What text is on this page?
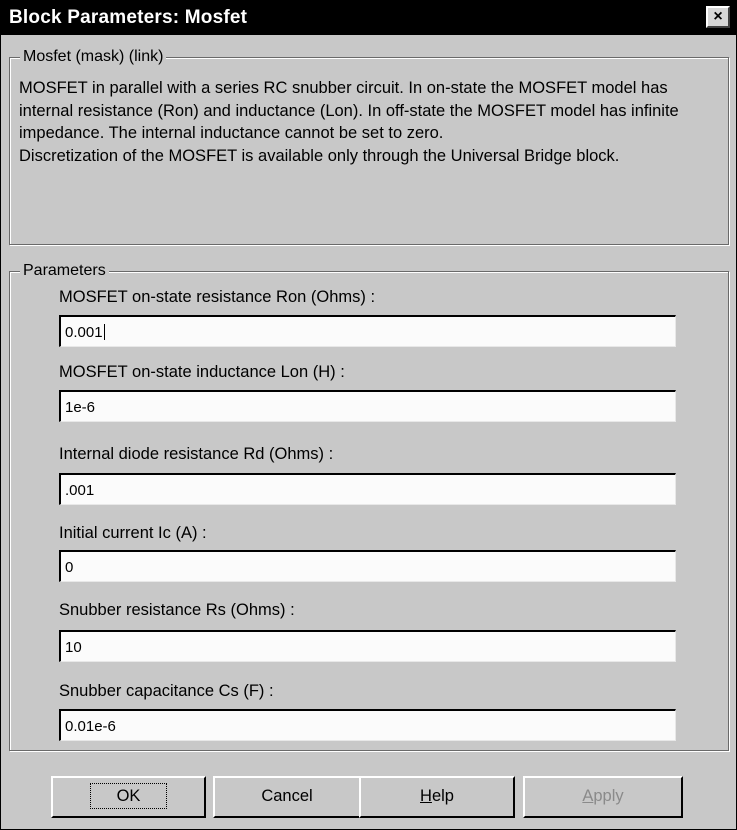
Block Parameters: Mosfet	×
Mosfet (mask) (link)

MOSFET in parallel with a series RC snubber circuit. In on-state the MOSFET model has internal resistance (Ron) and inductance (Lon). In off-state the MOSFET model has infinite impedance. The internal inductance cannot be set to zero.

Discretization of the MOSFET is available only through the Universal Bridge block.

Parameters
MOSFET on-state resistance Ron (Ohms) :
0.001
MOSFET on-state inductance Lon (H) :
1e-6
Internal diode resistance Rd (Ohms) :
.001
Initial current Ic (A) :
0
Snubber resistance Rs (Ohms) :
10
Snubber capacitance Cs (F) :
0.01e-6
OK	Cancel	Help	Apply
